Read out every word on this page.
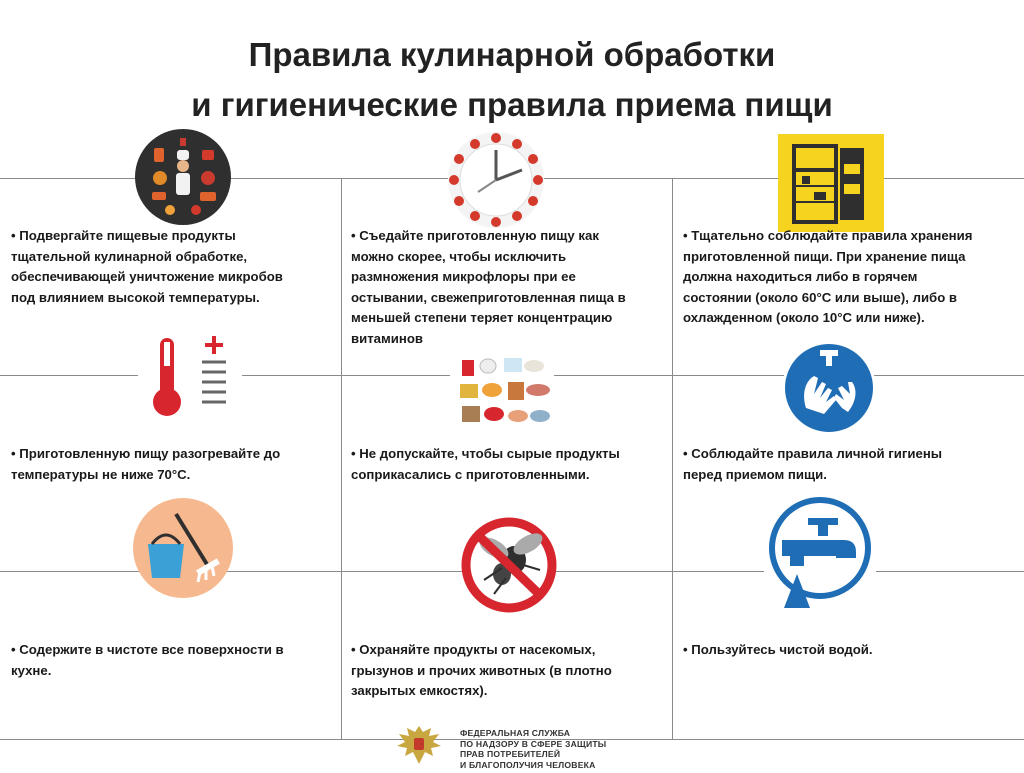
Правила кулинарной обработки
и гигиенические правила приема пищи
• Подвергайте пищевые продукты
тщательной кулинарной обработке,
обеспечивающей уничтожение микробов
под влиянием высокой температуры.
• Съедайте приготовленную пищу как
можно скорее, чтобы исключить
размножения микрофлоры при ее
остывании, свежеприготовленная пища в
меньшей степени теряет концентрацию
витаминов
• Тщательно соблюдайте правила хранения
приготовленной пищи. При хранение пища
должна находиться либо в горячем
состоянии (около 60°С или выше), либо в
охлажденном (около 10°С или ниже).
• Приготовленную пищу разогревайте до
температуры не ниже 70°С.
• Не допускайте, чтобы сырые продукты
соприкасались с приготовленными.
• Соблюдайте правила личной гигиены
перед приемом пищи.
• Содержите в чистоте все поверхности в
кухне.
• Охраняйте продукты от насекомых,
грызунов и прочих животных (в плотно
закрытых емкостях).
• Пользуйтесь чистой водой.
ФЕДЕРАЛЬНАЯ СЛУЖБА
ПО НАДЗОРУ В СФЕРЕ ЗАЩИТЫ
ПРАВ ПОТРЕБИТЕЛЕЙ
И БЛАГОПОЛУЧИЯ ЧЕЛОВЕКА
